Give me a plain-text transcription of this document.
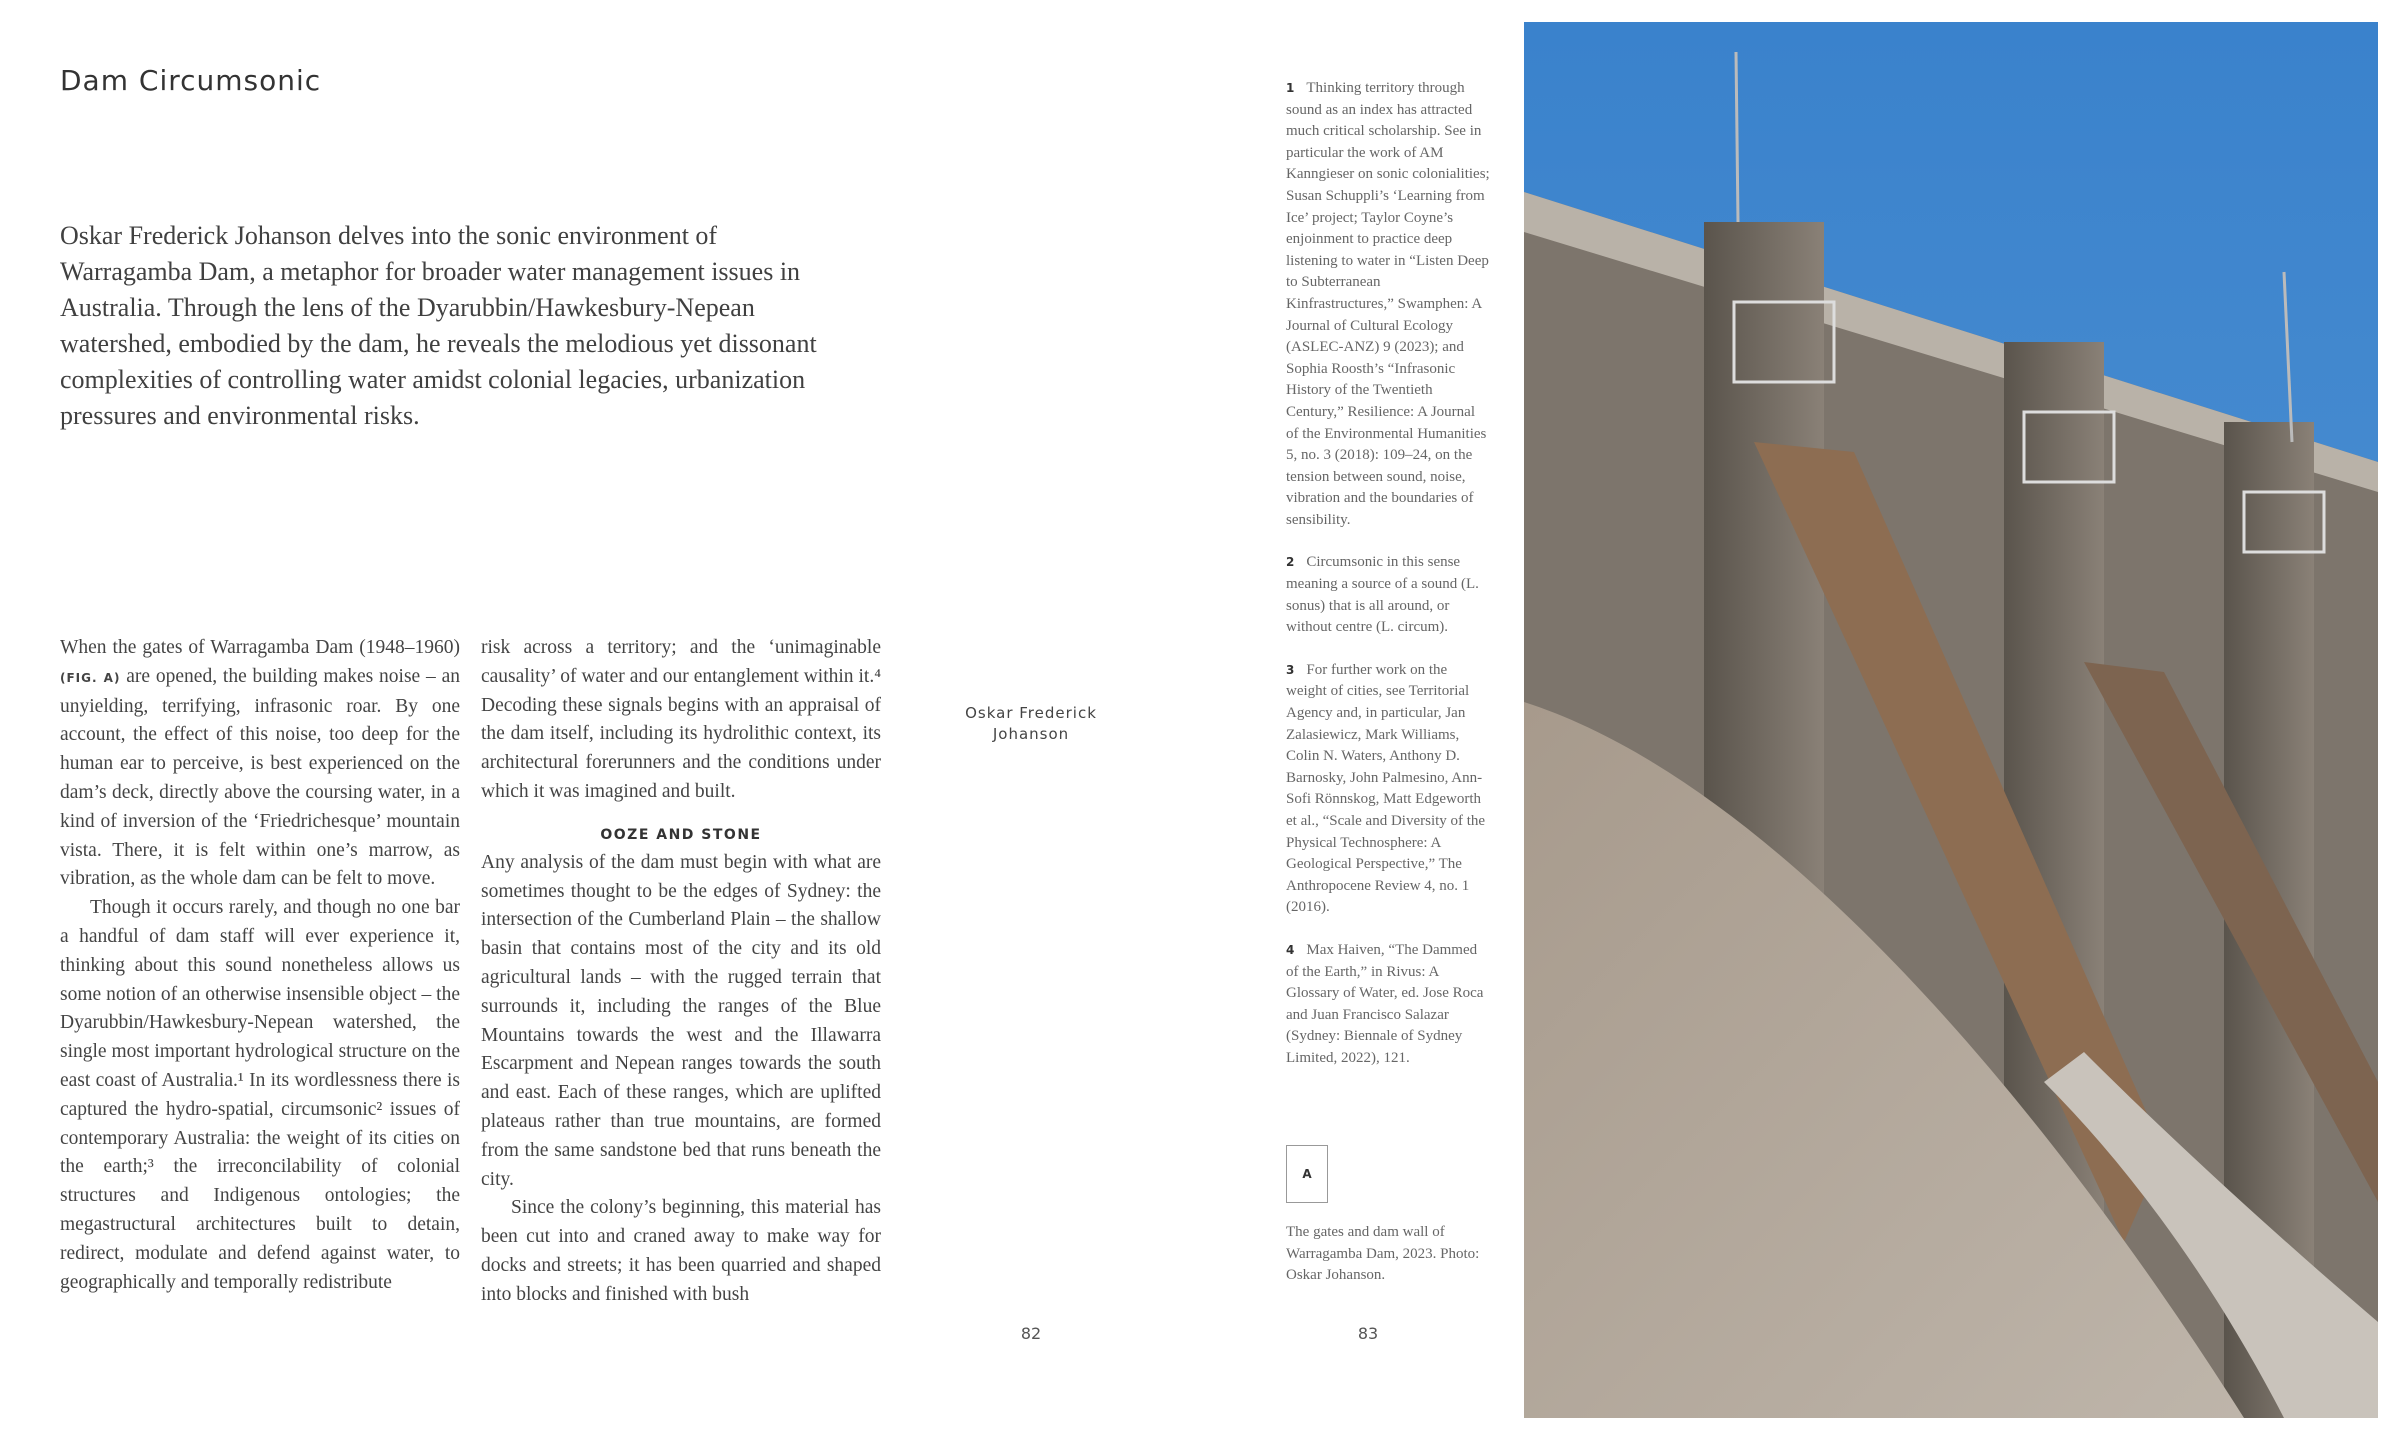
Dam Circumsonic
Oskar Frederick Johanson delves into the sonic environment of Warragamba Dam, a metaphor for broader water management issues in Australia. Through the lens of the Dyarubbin/Hawkesbury-Nepean watershed, embodied by the dam, he reveals the melodious yet dissonant complexities of controlling water amidst colonial legacies, urbanization pressures and environmental risks.

When the gates of Warragamba Dam (1948–1960) (FIG. A) are opened, the building makes noise – an unyielding, terrifying, infrasonic roar. By one account, the effect of this noise, too deep for the human ear to perceive, is best experienced on the dam’s deck, directly above the coursing water, in a kind of inversion of the ‘Friedrichesque’ mountain vista. There, it is felt within one’s marrow, as vibration, as the whole dam can be felt to move.

Though it occurs rarely, and though no one bar a handful of dam staff will ever experience it, thinking about this sound nonetheless allows us some notion of an otherwise insensible object – the Dyarubbin/Hawkesbury-Nepean watershed, the single most important hydrological structure on the east coast of Australia.¹ In its wordlessness there is captured the hydro-spatial, circumsonic² issues of contemporary Australia: the weight of its cities on the earth;³ the irreconcilability of colonial structures and Indigenous ontologies; the megastructural architectures built to detain, redirect, modulate and defend against water, to geographically and temporally redistribute

risk across a territory; and the ‘unimaginable causality’ of water and our entanglement within it.⁴ Decoding these signals begins with an appraisal of the dam itself, including its hydrolithic context, its architectural forerunners and the conditions under which it was imagined and built.

OOZE AND STONE

Any analysis of the dam must begin with what are sometimes thought to be the edges of Sydney: the intersection of the Cumberland Plain – the shallow basin that contains most of the city and its old agricultural lands – with the rugged terrain that surrounds it, including the ranges of the Blue Mountains towards the west and the Illawarra Escarpment and Nepean ranges towards the south and east. Each of these ranges, which are uplifted plateaus rather than true mountains, are formed from the same sandstone bed that runs beneath the city.

Since the colony’s beginning, this material has been cut into and craned away to make way for docks and streets; it has been quarried and shaped into blocks and finished with bush

Oskar Frederick Johanson
82	83

1 Thinking territory through sound as an index has attracted much critical scholarship. See in particular the work of AM Kanngieser on sonic colonialities; Susan Schuppli’s ‘Learning from Ice’ project; Taylor Coyne’s enjoinment to practice deep listening to water in “Listen Deep to Subterranean Kinfrastructures,” Swamphen: A Journal of Cultural Ecology (ASLEC-ANZ) 9 (2023); and Sophia Roosth’s “Infrasonic History of the Twentieth Century,” Resilience: A Journal of the Environmental Humanities 5, no. 3 (2018): 109–24, on the tension between sound, noise, vibration and the boundaries of sensibility.

2 Circumsonic in this sense meaning a source of a sound (L. sonus) that is all around, or without centre (L. circum).

3 For further work on the weight of cities, see Territorial Agency and, in particular, Jan Zalasiewicz, Mark Williams, Colin N. Waters, Anthony D. Barnosky, John Palmesino, Ann-Sofi Rönnskog, Matt Edgeworth et al., “Scale and Diversity of the Physical Technosphere: A Geological Perspective,” The Anthropocene Review 4, no. 1 (2016).

4 Max Haiven, “The Dammed of the Earth,” in Rivus: A Glossary of Water, ed. Jose Roca and Juan Francisco Salazar (Sydney: Biennale of Sydney Limited, 2022), 121.

A
The gates and dam wall of Warragamba Dam, 2023. Photo: Oskar Johanson.
